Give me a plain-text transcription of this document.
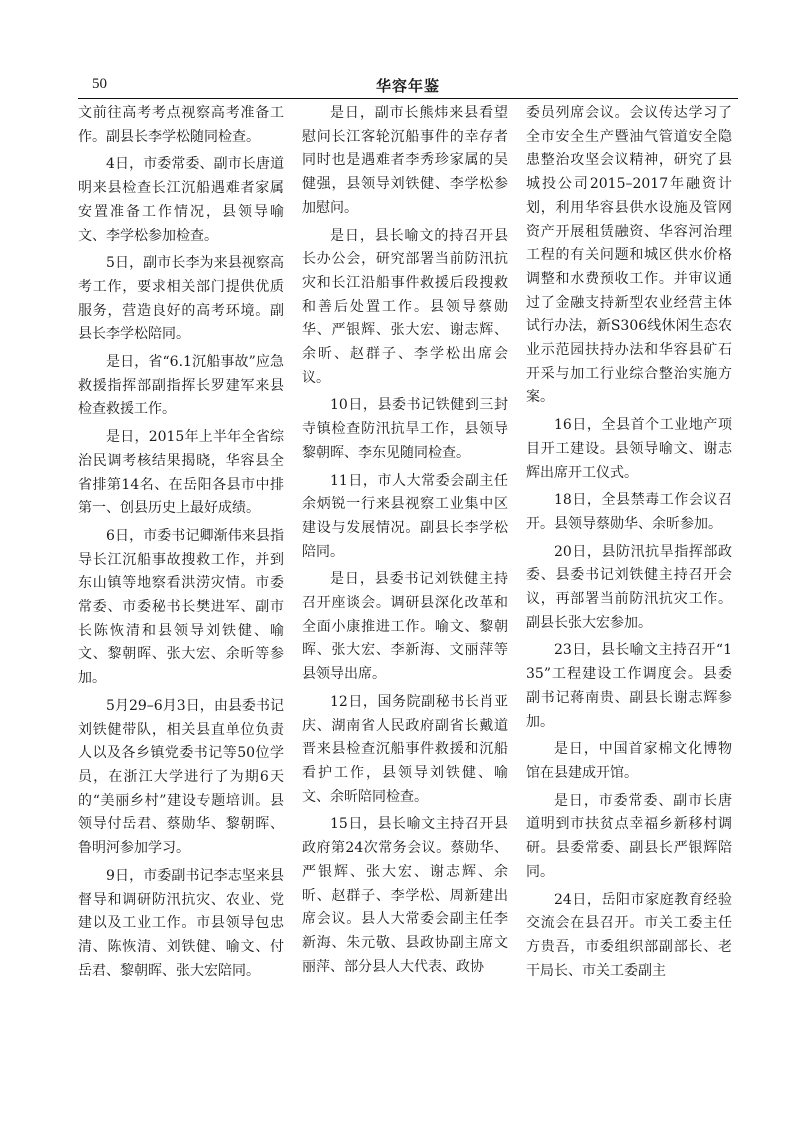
50	华容年鉴

文前往高考考点视察高考准备工作。副县长李学松随同检查。

4日，市委常委、副市长唐道明来县检查长江沉船遇难者家属安置准备工作情况，县领导喻文、李学松参加检查。

5日，副市长李为来县视察高考工作，要求相关部门提供优质服务，营造良好的高考环境。副县长李学松陪同。

是日，省“6.1沉船事故”应急救援指挥部副指挥长罗建军来县检查救援工作。

是日，2015年上半年全省综治民调考核结果揭晓，华容县全省排第14名、在岳阳各县市中排第一、创县历史上最好成绩。

6日，市委书记卿渐伟来县指导长江沉船事故搜救工作，并到东山镇等地察看洪涝灾情。市委常委、市委秘书长樊进军、副市长陈恢清和县领导刘铁健、喻文、黎朝晖、张大宏、余昕等参加。

5月29–6月3日，由县委书记刘铁健带队，相关县直单位负责人以及各乡镇党委书记等50位学员，在浙江大学进行了为期6天的“美丽乡村”建设专题培训。县领导付岳君、蔡勋华、黎朝晖、鲁明河参加学习。

9日，市委副书记李志坚来县督导和调研防汛抗灾、农业、党建以及工业工作。市县领导包忠清、陈恢清、刘铁健、喻文、付岳君、黎朝晖、张大宏陪同。

是日，副市长熊炜来县看望慰问长江客轮沉船事件的幸存者同时也是遇难者李秀珍家属的吴健强，县领导刘铁健、李学松参加慰问。

是日，县长喻文的持召开县长办公会，研究部署当前防汛抗灾和长江沿船事件救援后段搜救和善后处置工作。县领导蔡勋华、严银辉、张大宏、谢志辉、余昕、赵群子、李学松出席会议。

10日，县委书记铁健到三封寺镇检查防汛抗旱工作，县领导黎朝晖、李东见随同检查。

11日，市人大常委会副主任余炳锐一行来县视察工业集中区建设与发展情况。副县长李学松陪同。

是日，县委书记刘铁健主持召开座谈会。调研县深化改革和全面小康推进工作。喻文、黎朝晖、张大宏、李新海、文丽萍等县领导出席。

12日，国务院副秘书长肖亚庆、湖南省人民政府副省长戴道晋来县检查沉船事件救援和沉船看护工作，县领导刘铁健、喻文、余昕陪同检查。

15日，县长喻文主持召开县政府第24次常务会议。蔡勋华、严银辉、张大宏、谢志辉、余昕、赵群子、李学松、周新建出席会议。县人大常委会副主任李新海、朱元敬、县政协副主席文丽萍、部分县人大代表、政协

委员列席会议。会议传达学习了全市安全生产暨油气管道安全隐患整治攻坚会议精神，研究了县城投公司2015–2017年融资计划，利用华容县供水设施及管网资产开展租赁融资、华容河治理工程的有关问题和城区供水价格调整和水费预收工作。并审议通过了金融支持新型农业经营主体试行办法，新S306线休闲生态农业示范园扶持办法和华容县矿石开采与加工行业综合整治实施方案。

16日，全县首个工业地产项目开工建设。县领导喻文、谢志辉出席开工仪式。

18日，全县禁毒工作会议召开。县领导蔡勋华、余昕参加。

20日，县防汛抗旱指挥部政委、县委书记刘铁健主持召开会议，再部署当前防汛抗灾工作。副县长张大宏参加。

23日，县长喻文主持召开“135”工程建设工作调度会。县委副书记蒋南贵、副县长谢志辉参加。

是日，中国首家棉文化博物馆在县建成开馆。

是日，市委常委、副市长唐道明到市扶贫点幸福乡新移村调研。县委常委、副县长严银辉陪同。

24日，岳阳市家庭教育经验交流会在县召开。市关工委主任方贵吾，市委组织部副部长、老干局长、市关工委副主
